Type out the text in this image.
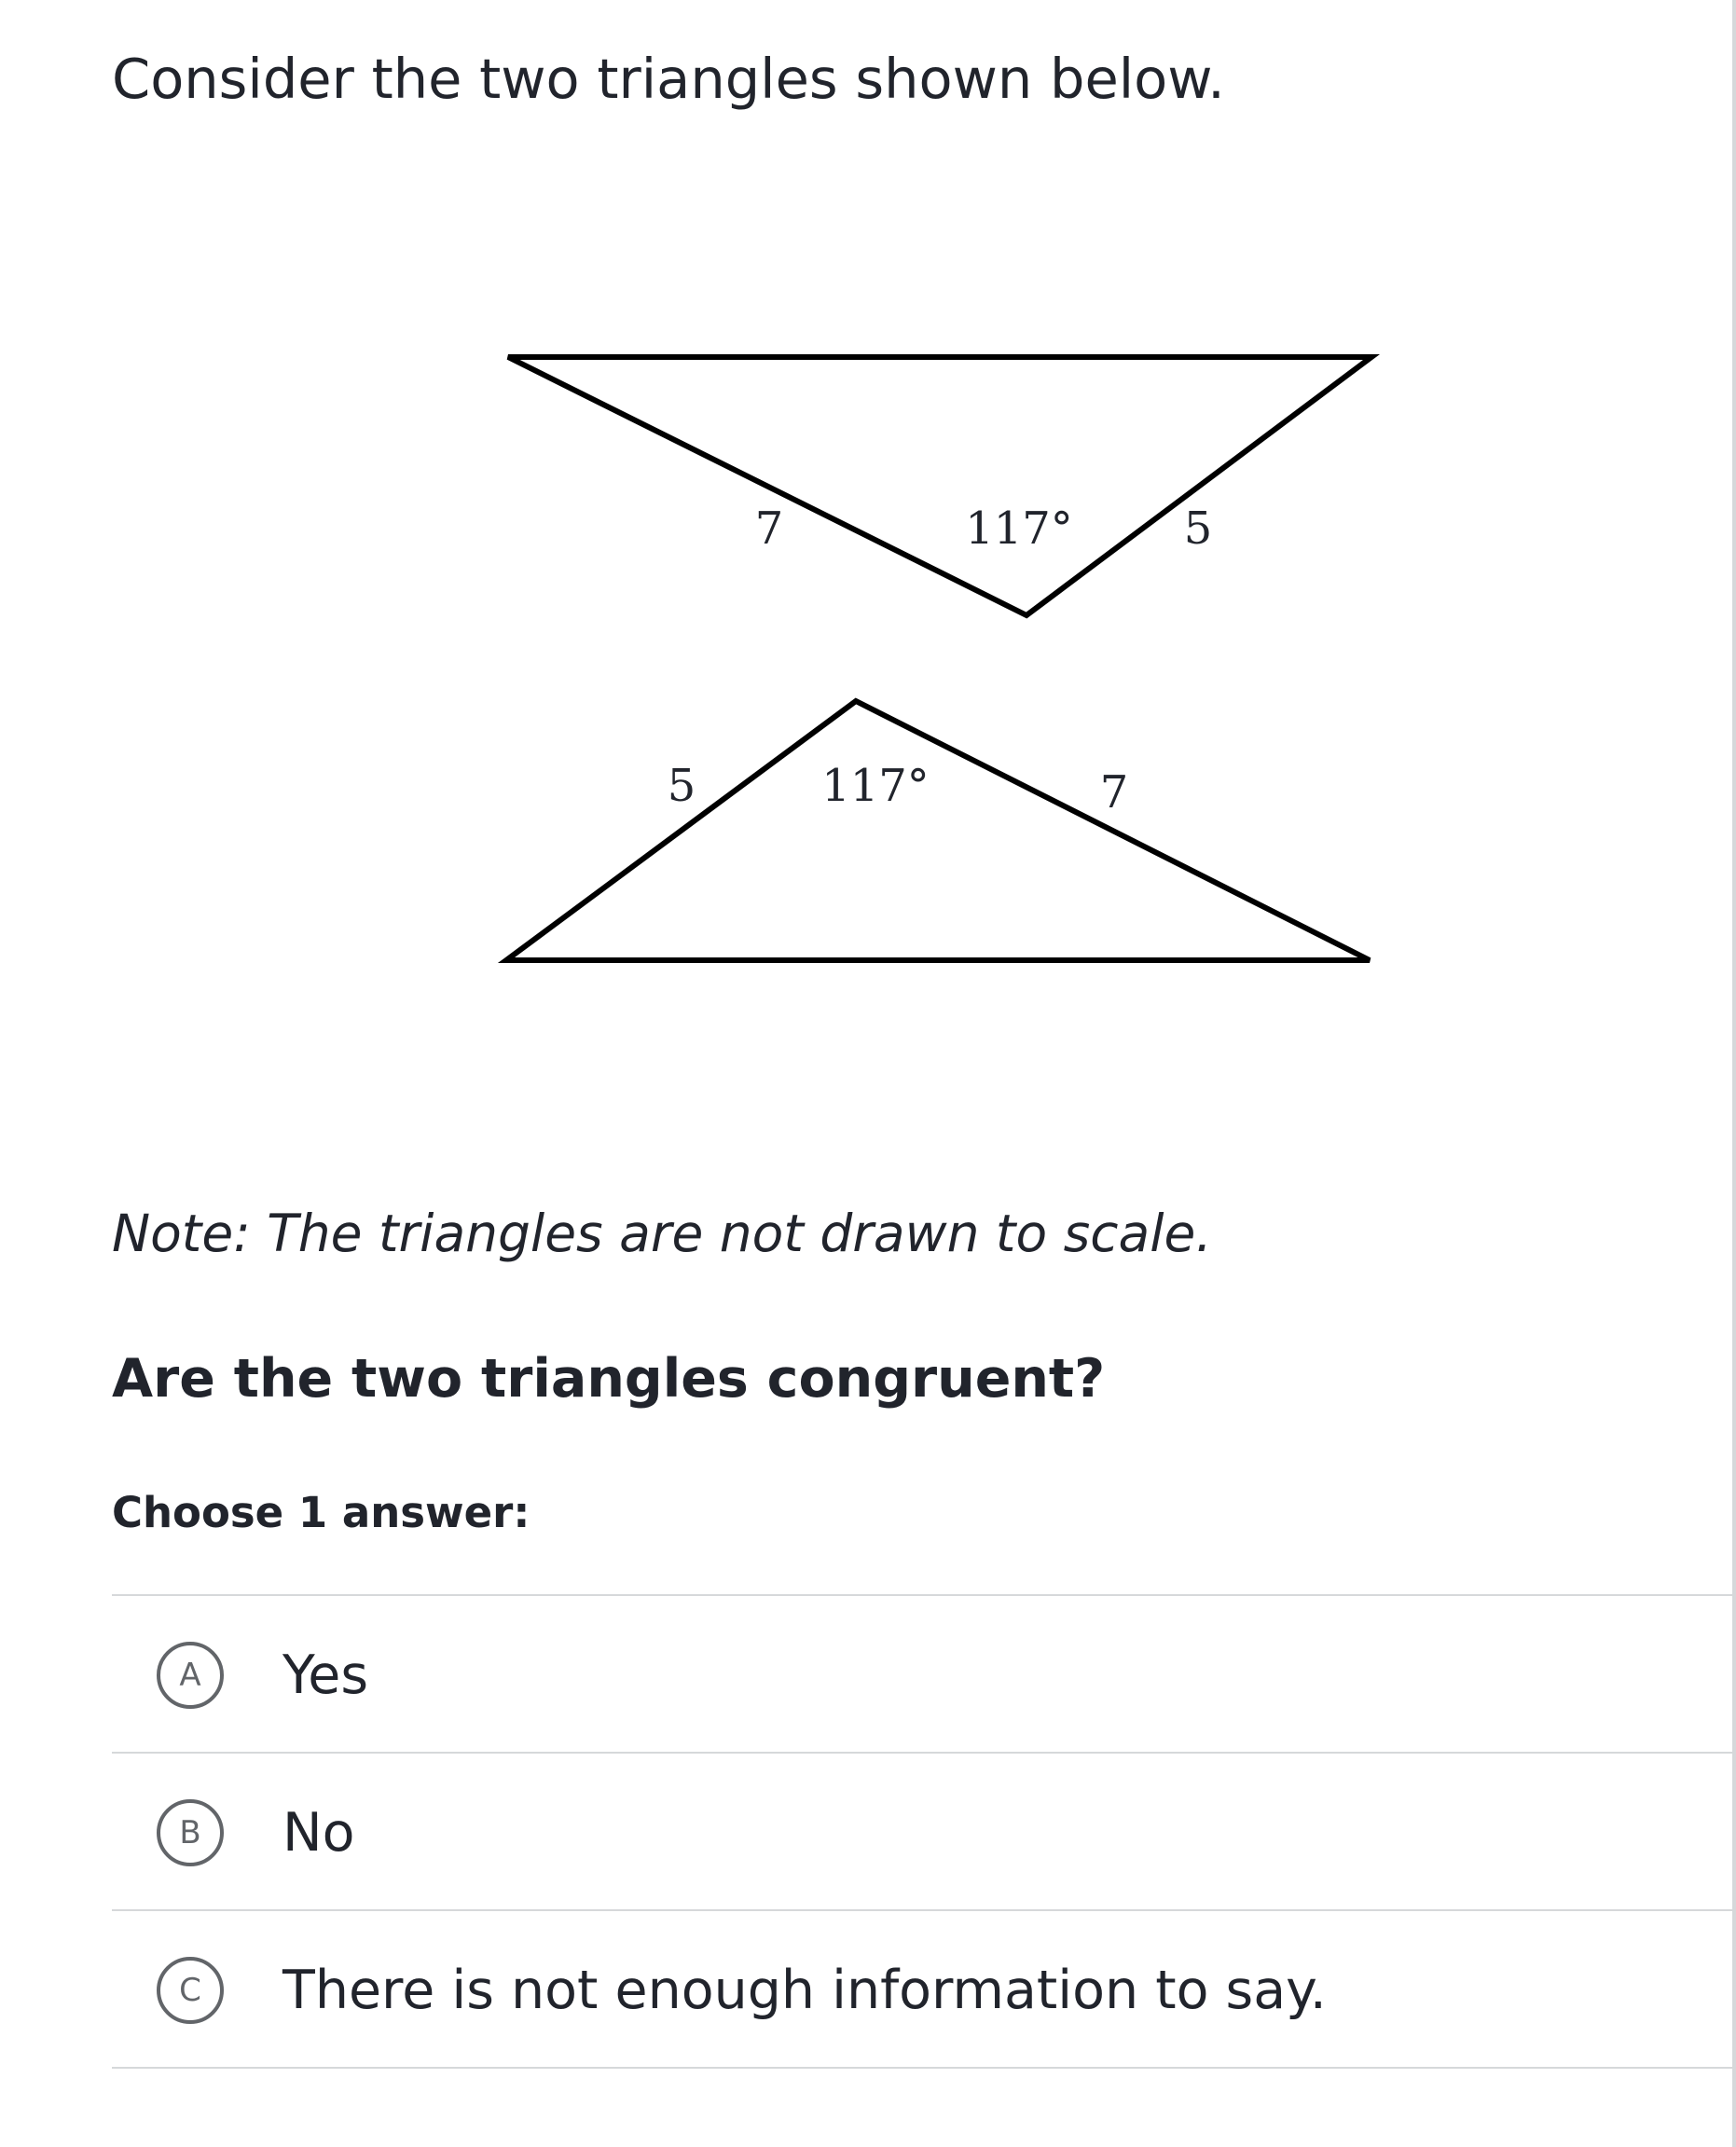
Consider the two triangles shown below.

7	117° 5
5	117°	7

Note: The triangles are not drawn to scale.

Are the two triangles congruent?

Choose 1 answer:

A	Yes
B	No
C	There is not enough information to say.
